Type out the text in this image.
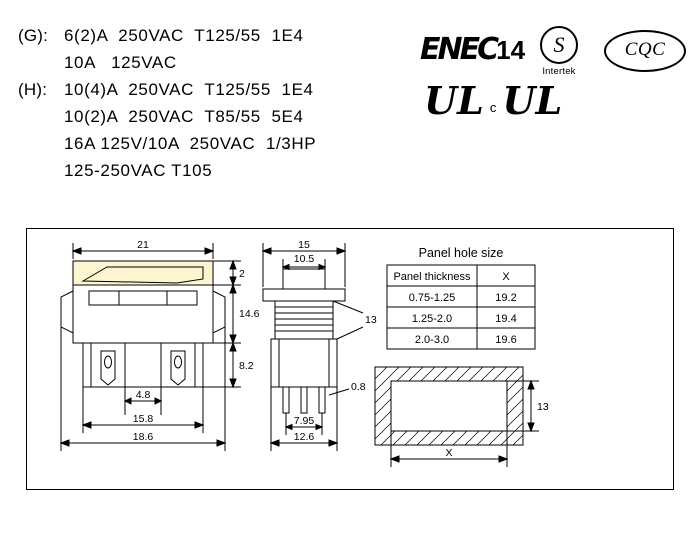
(G): 6(2)A  250VAC  T125/55  1E4
10A   125VAC
(H): 10(4)A  250VAC  T125/55  1E4
10(2)A  250VAC  T85/55  5E4
16A 125V/10A  250VAC  1/3HP
125-250VAC T105
ENEC14	S
Intertek
CQC
UL c UL
21
2
14.6
8.2
4.8
15.8
18.6
15
10.5
13
0.8
7.95
12.6
13
X
Panel hole size
Panel thickness	X
0.75-1.25	19.2
1.25-2.0	19.4
2.0-3.0	19.6
